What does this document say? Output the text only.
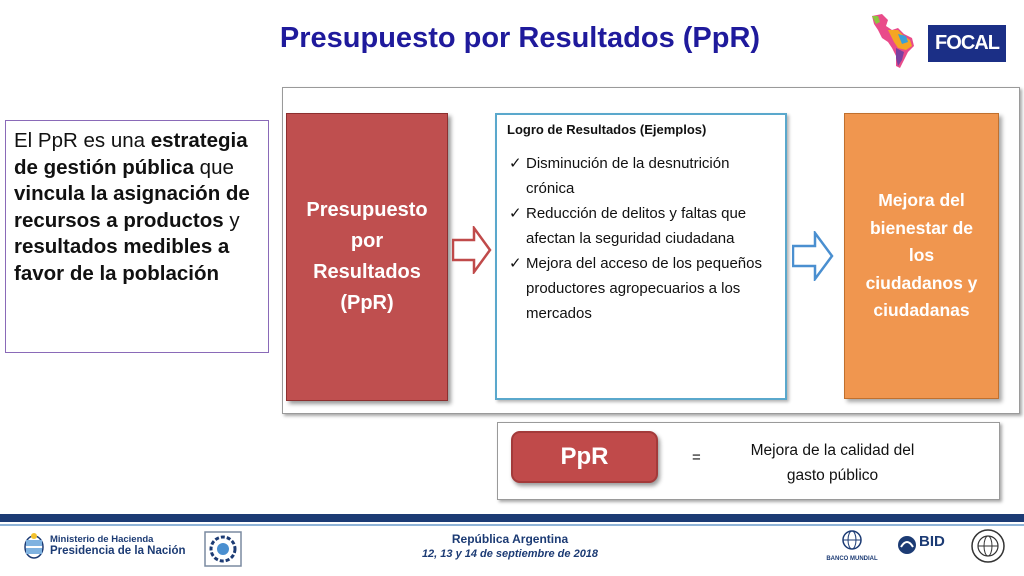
Presupuesto por Resultados (PpR)	FOCAL
El PpR es una estrategia de gestión pública que vincula la asignación de recursos a productos y resultados medibles a favor de la población
Presupuesto
por
Resultados
(PpR)
Logro de Resultados (Ejemplos)
✓ Disminución de la desnutrición crónica
✓ Reducción de delitos y faltas que afectan la seguridad ciudadana
✓ Mejora del acceso de los pequeños productores agropecuarios a los mercados
Mejora del
bienestar de
los
ciudadanos y
ciudadanas
PpR	=	Mejora de la calidad del
gasto público
Ministerio de Hacienda
Presidencia de la Nación
República Argentina
12, 13 y 14 de septiembre de 2018	BANCO MUNDIAL
BID
